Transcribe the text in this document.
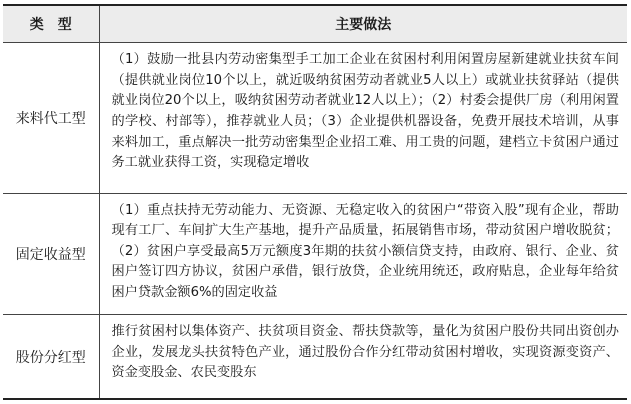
类　型	主要做法
来料代工型	（1）鼓励一批县内劳动密集型手工加工企业在贫困村利用闲置房屋新建就业扶贫车间（提供就业岗位10个以上，就近吸纳贫困劳动者就业5人以上）或就业扶贫驿站（提供就业岗位20个以上，吸纳贫困劳动者就业12人以上）；（2）村委会提供厂房（利用闲置的学校、村部等），推荐就业人员；（3）企业提供机器设备，免费开展技术培训，从事来料加工，重点解决一批劳动密集型企业招工难、用工贵的问题，建档立卡贫困户通过务工就业获得工资，实现稳定增收
固定收益型	（1）重点扶持无劳动能力、无资源、无稳定收入的贫困户“带资入股”现有企业，帮助现有工厂、车间扩大生产基地，提升产品质量，拓展销售市场，带动贫困户增收脱贫；（2）贫困户享受最高5万元额度3年期的扶贫小额信贷支持，由政府、银行、企业、贫困户签订四方协议，贫困户承借，银行放贷，企业统用统还，政府贴息，企业每年给贫困户贷款金额6%的固定收益
股份分红型	推行贫困村以集体资产、扶贫项目资金、帮扶贷款等，量化为贫困户股份共同出资创办企业，发展龙头扶贫特色产业，通过股份合作分红带动贫困村增收，实现资源变资产、资金变股金、农民变股东
